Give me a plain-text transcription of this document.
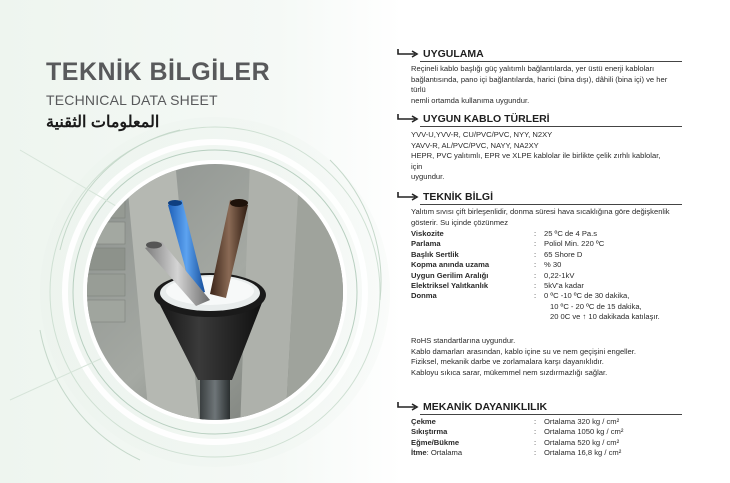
TEKNİK BİLGİLER
TECHNICAL DATA SHEET
المعلومات الثقنية
UYGULAMA
Reçineli kablo başlığı güç yalıtımlı bağlantılarda, yer üstü enerji kabloları
bağlantısında, pano içi bağlantılarda, harici (bina dışı), dâhili (bina içi) ve her türlü
nemli ortamda kullanıma uygundur.
UYGUN KABLO TÜRLERİ
YVV-U,YVV-R, CU/PVC/PVC, NYY, N2XY
YAVV-R, AL/PVC/PVC, NAYY, NA2XY
HEPR, PVC yalıtımlı, EPR ve XLPE kablolar ile birlikte çelik zırhlı kablolar, için
uygundur.
TEKNİK BİLGİ
Yalıtım sıvısı çift birleşenlidir, donma süresi hava sıcaklığına göre değişkenlik
gösterir. Su içinde çözünmez
Viskozite	:	25 ºC de 4 Pa.s
Parlama	:	Poliol Min. 220 ºC
Başlık Sertlik	:	65 Shore D
Kopma anında uzama	:	% 30
Uygun Gerilim Aralığı	:	0,22-1kV
Elektriksel Yalıtkanlık	:	5kV'a kadar
Donma	:	0 ºC -10 ºC de 30 dakika,
10 ºC - 20 ºC de 15 dakika,
20 0C ve ↑ 10 dakikada katılaşır.
RoHS standartlarına uygundur.
Kablo damarları arasından, kablo içine su ve nem geçişini engeller.
Fiziksel, mekanik darbe ve zorlamalara karşı dayanıklıdır.
Kabloyu sıkıca sarar, mükemmel nem sızdırmazlığı sağlar.
MEKANİK DAYANIKLILIK
Çekme	:	Ortalama 320 kg / cm²
Sıkıştırma	:	Ortalama 1050 kg / cm²
Eğme/Bükme	:	Ortalama 520 kg / cm²
İtme: Ortalama	:	Ortalama 16,8 kg / cm²
